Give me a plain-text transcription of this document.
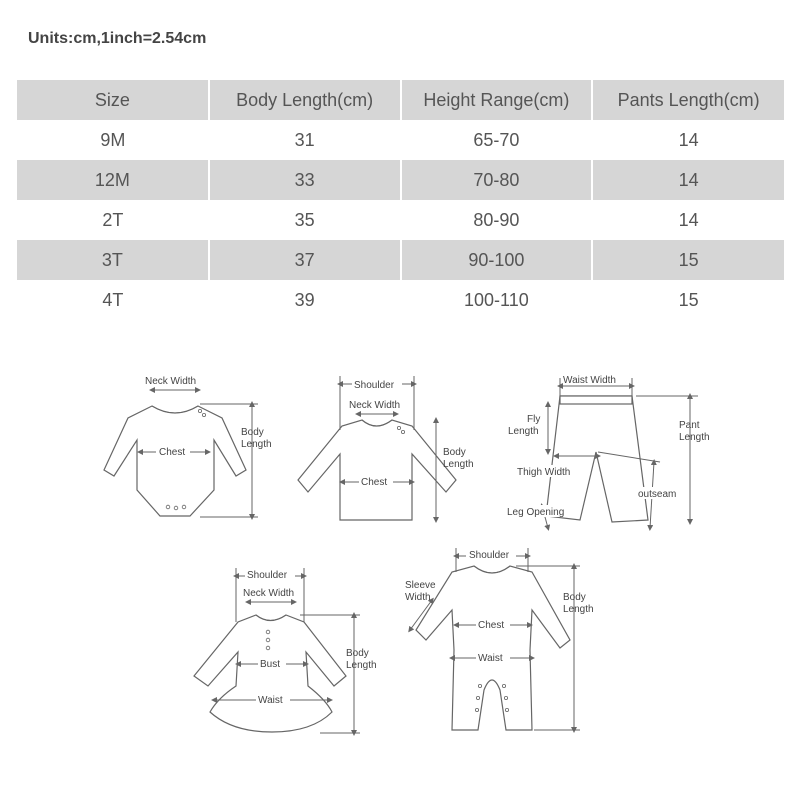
Units:cm,1inch=2.54cm
Size	Body Length(cm)	Height Range(cm)	Pants Length(cm)
9M	31	65-70	14
12M	33	70-80	14
2T	35	80-90	14
3T	37	90-100	15
4T	39	100-110	15
Neck Width
Chest
Body
Length
Shoulder
Neck Width
Chest
Body
Length
Waist Width
Fly
Length
Pant
Length
Thigh Width
outseam
Leg Opening
Shoulder
Neck Width
Bust
Waist
Body
Length
Shoulder
Sleeve
Width
Chest
Waist
Body
Length
